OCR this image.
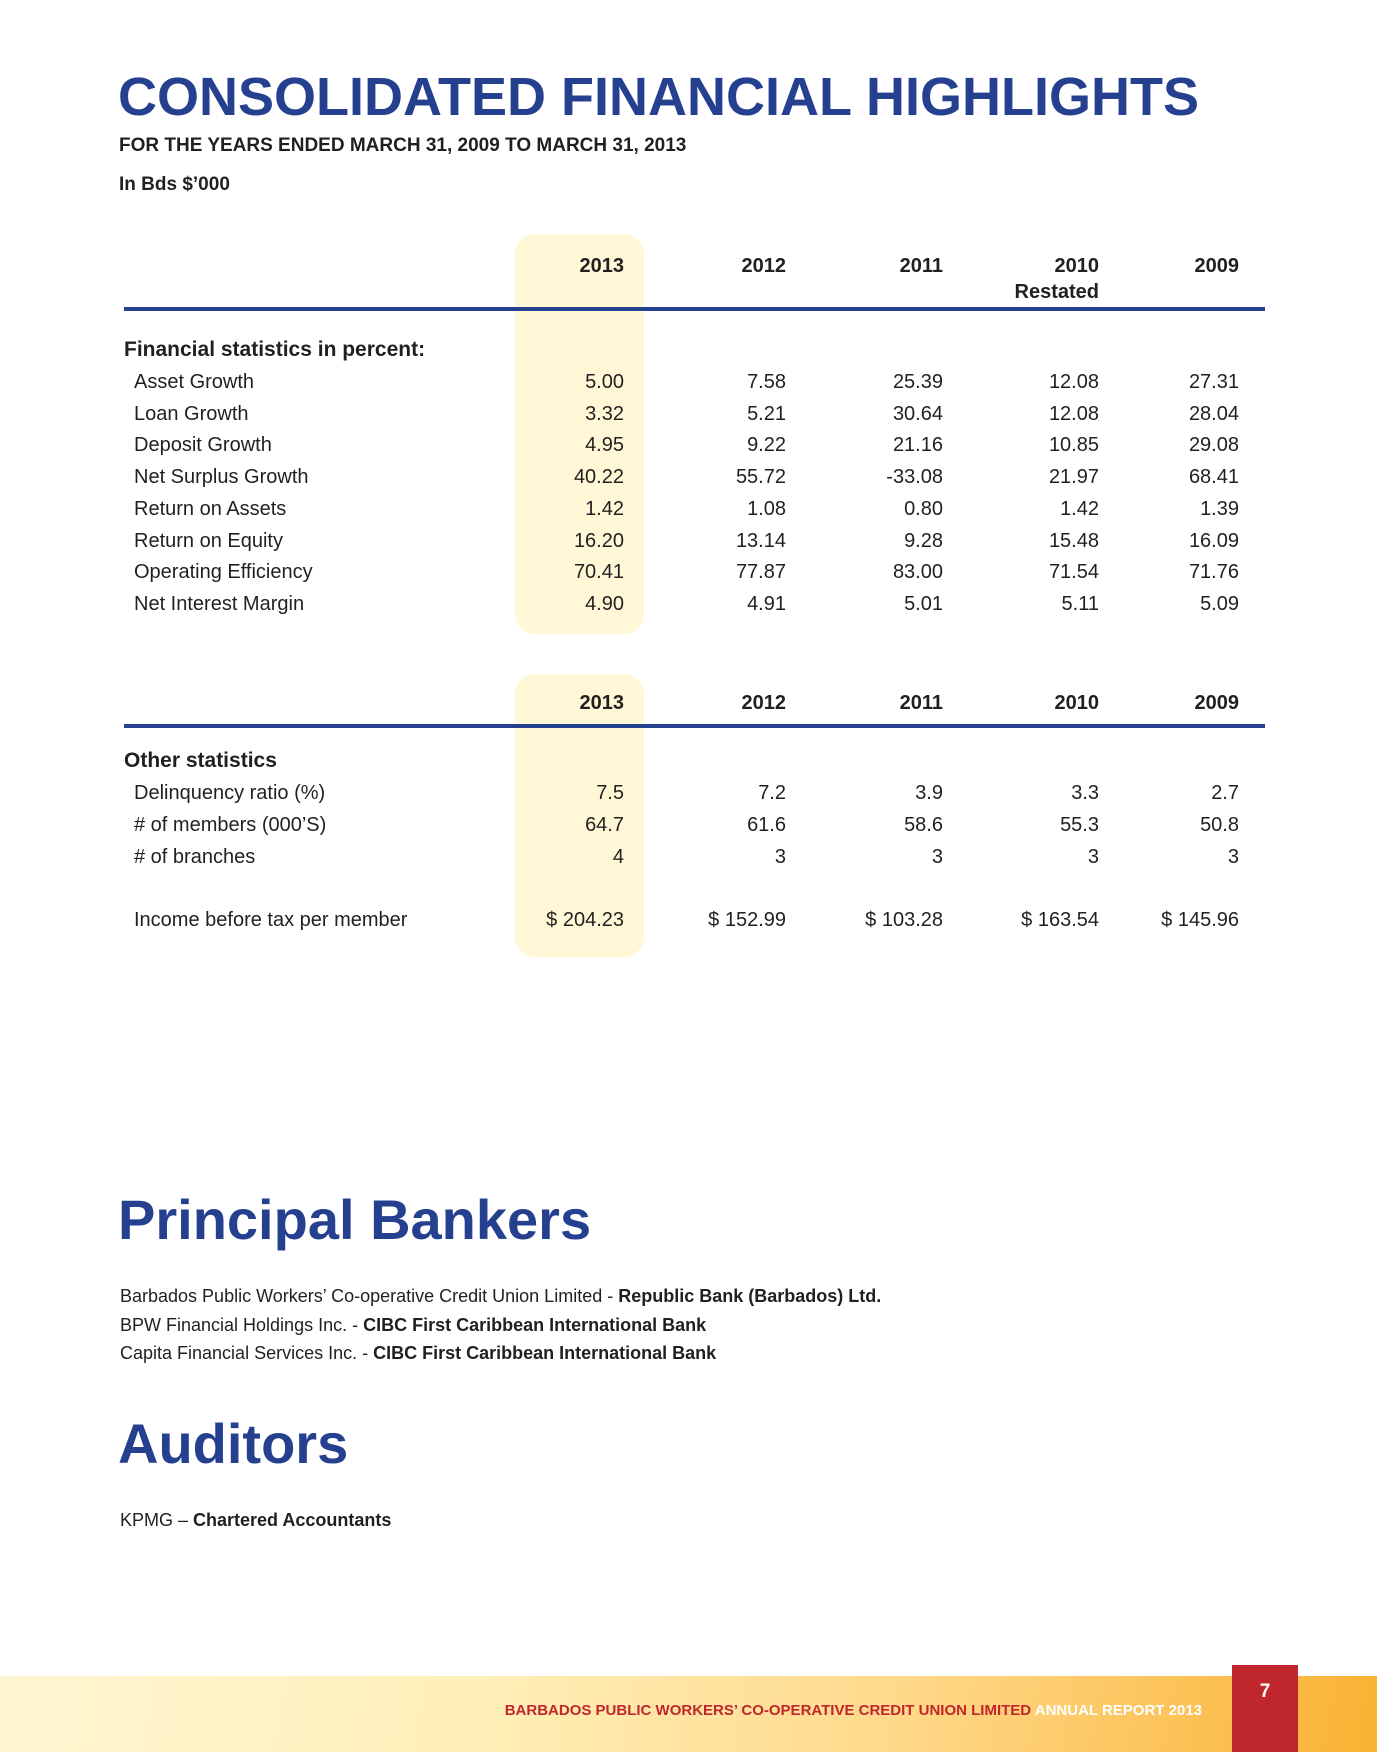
CONSOLIDATED FINANCIAL HIGHLIGHTS
FOR THE YEARS ENDED MARCH 31, 2009 TO MARCH 31, 2013
In Bds $’000
Financial statistics in percent:
Other statistics
Principal Bankers
Auditors
KPMG – Chartered Accountants
BARBADOS PUBLIC WORKERS’ CO-OPERATIVE CREDIT UNION LIMITED ANNUAL REPORT 2013
7
2013	2012	2011	2010	2009
Restated
Asset Growth	5.00	7.58	25.39	12.08	27.31
Loan Growth	3.32	5.21	30.64	12.08	28.04
Deposit Growth	4.95	9.22	21.16	10.85	29.08
Net Surplus Growth	40.22	55.72	-33.08	21.97	68.41
Return on Assets	1.42	1.08	0.80	1.42	1.39
Return on Equity	16.20	13.14	9.28	15.48	16.09
Operating Efficiency	70.41	77.87	83.00	71.54	71.76
Net Interest Margin	4.90	4.91	5.01	5.11	5.09
2013	2012	2011	2010	2009
Delinquency ratio (%)	7.5	7.2	3.9	3.3	2.7
# of members (000’S)	64.7	61.6	58.6	55.3	50.8
# of branches	4	3	3	3	3
Income before tax per member	$ 204.23	$ 152.99	$ 103.28	$ 163.54	$ 145.96
Barbados Public Workers’ Co-operative Credit Union Limited - Republic Bank (Barbados) Ltd.
BPW Financial Holdings Inc. - CIBC First Caribbean International Bank
Capita Financial Services Inc. - CIBC First Caribbean International Bank
